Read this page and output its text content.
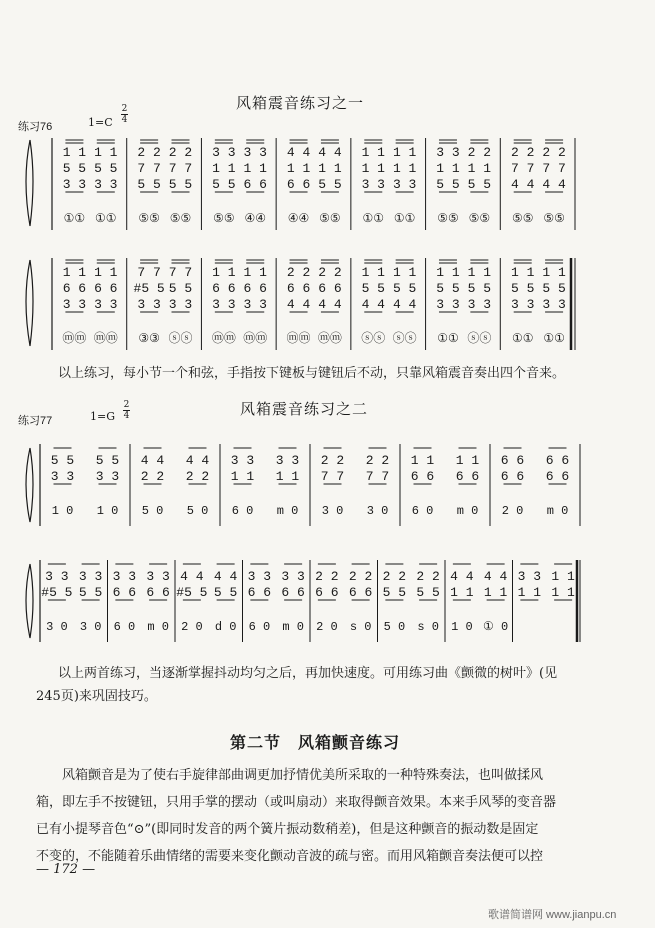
风箱震音练习之一
练习76	1=C
2
4
1 1
5 5
3 3
①①
1 1
5 5
3 3
①①
2 2
7 7
5 5
⑤⑤
2 2
7 7
5 5
⑤⑤
3 3
1 1
5 5
⑤⑤
3 3
1 1
6 6
④④
4 4
1 1
6 6
④④
4 4
1 1
5 5
⑤⑤
1 1
1 1
3 3
①①
1 1
1 1
3 3
①①
3 3
1 1
5 5
⑤⑤
2 2
1 1
5 5
⑤⑤
2 2
7 7
4 4
⑤⑤
2 2
7 7
4 4
⑤⑤
1 1
6 6
3 3
ⓜⓜ
1 1
6 6
3 3
ⓜⓜ
7 7
#5 5
3 3
③③
7 7
5 5
3 3
ⓢⓢ
1 1
6 6
3 3
ⓜⓜ
1 1
6 6
3 3
ⓜⓜ
2 2
6 6
4 4
ⓜⓜ
2 2
6 6
4 4
ⓜⓜ
1 1
5 5
4 4
ⓢⓢ
1 1
5 5
4 4
ⓢⓢ
1 1
5 5
3 3
①①
1 1
5 5
3 3
ⓢⓢ
1 1
5 5
3 3
①①
1 1
5 5
3 3
①①
以上练习，每小节一个和弦，手指按下键板与键钮后不动，只靠风箱震音奏出四个音来。
风箱震音练习之二
练习77	1=G
2
4
5 5
3 3
1 0
5 5
3 3
1 0
4 4
2 2
5 0
4 4
2 2
5 0
3 3
1 1
6 0
3 3
1 1
m 0
2 2
7 7
3 0
2 2
7 7
3 0
1 1
6 6
6 0
1 1
6 6
m 0
6 6
6 6
2 0
6 6
6 6
m 0
3 3
#5 5
3 0
3 3
5 5
3 0
3 3
6 6
6 0
3 3
6 6
m 0
4 4
#5 5
2 0
4 4
5 5
d 0
3 3
6 6
6 0
3 3
6 6
m 0
2 2
6 6
2 0
2 2
6 6
s 0
2 2
5 5
5 0
2 2
5 5
s 0
4 4
1 1
1 0
4 4
1 1
① 0
3 3
1 1
1 1
1 1
以上两首练习，当逐渐掌握抖动均匀之后，再加快速度。可用练习曲《颤微的树叶》(见
245页)来巩固技巧。
第二节　风箱颤音练习
风箱颤音是为了使右手旋律部曲调更加抒情优美所采取的一种特殊奏法，也叫做揉风
箱，即左手不按键钮，只用手掌的摆动（或叫扇动）来取得颤音效果。本来手风琴的变音器
已有小提琴音色“⊙”(即同时发音的两个簧片振动数稍差)，但是这种颤音的振动数是固定
不变的，不能随着乐曲情绪的需要来变化颤动音波的疏与密。而用风箱颤音奏法便可以控
— 172 —
歌谱简谱网 www.jianpu.cn
